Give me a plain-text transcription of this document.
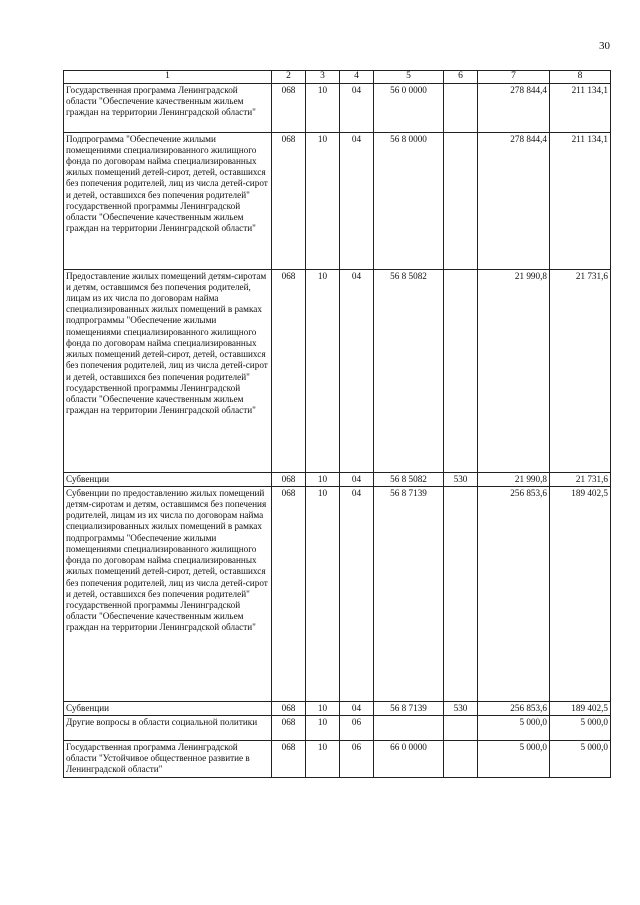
30
1	2	3	4	5	6	7	8
Государственная программа Ленинградской области "Обеспечение качественным жильем граждан на территории Ленинградской области"	068	10	04	56 0 0000		278 844,4	211 134,1
Подпрограмма "Обеспечение жилыми помещениями специализированного жилищного фонда по договорам найма специализированных жилых помещений детей-сирот, детей, оставшихся без попечения родителей, лиц из числа детей-сирот и детей, оставшихся без попечения родителей" государственной программы Ленинградской области "Обеспечение качественным жильем граждан на территории Ленинградской области"	068	10	04	56 8 0000		278 844,4	211 134,1
Предоставление жилых помещений детям-сиротам и детям, оставшимся без попечения родителей, лицам из их числа по договорам найма специализированных жилых помещений в рамках подпрограммы "Обеспечение жилыми помещениями специализированного жилищного фонда по договорам найма специализированных жилых помещений детей-сирот, детей, оставшихся без попечения родителей, лиц из числа детей-сирот и детей, оставшихся без попечения родителей" государственной программы Ленинградской области "Обеспечение качественным жильем граждан на территории Ленинградской области"	068	10	04	56 8 5082		21 990,8	21 731,6
Субвенции	068	10	04	56 8 5082	530	21 990,8	21 731,6
Субвенции по предоставлению жилых помещений детям-сиротам и детям, оставшимся без попечения родителей, лицам из их числа по договорам найма специализированных жилых помещений в рамках подпрограммы "Обеспечение жилыми помещениями специализированного жилищного фонда по договорам найма специализированных жилых помещений детей-сирот, детей, оставшихся без попечения родителей, лиц из числа детей-сирот и детей, оставшихся без попечения родителей" государственной программы Ленинградской области "Обеспечение качественным жильем граждан на территории Ленинградской области"	068	10	04	56 8 7139		256 853,6	189 402,5
Субвенции	068	10	04	56 8 7139	530	256 853,6	189 402,5
Другие вопросы в области социальной политики	068	10	06			5 000,0	5 000,0
Государственная программа Ленинградской области "Устойчивое общественное развитие в Ленинградской области"	068	10	06	66 0 0000		5 000,0	5 000,0
